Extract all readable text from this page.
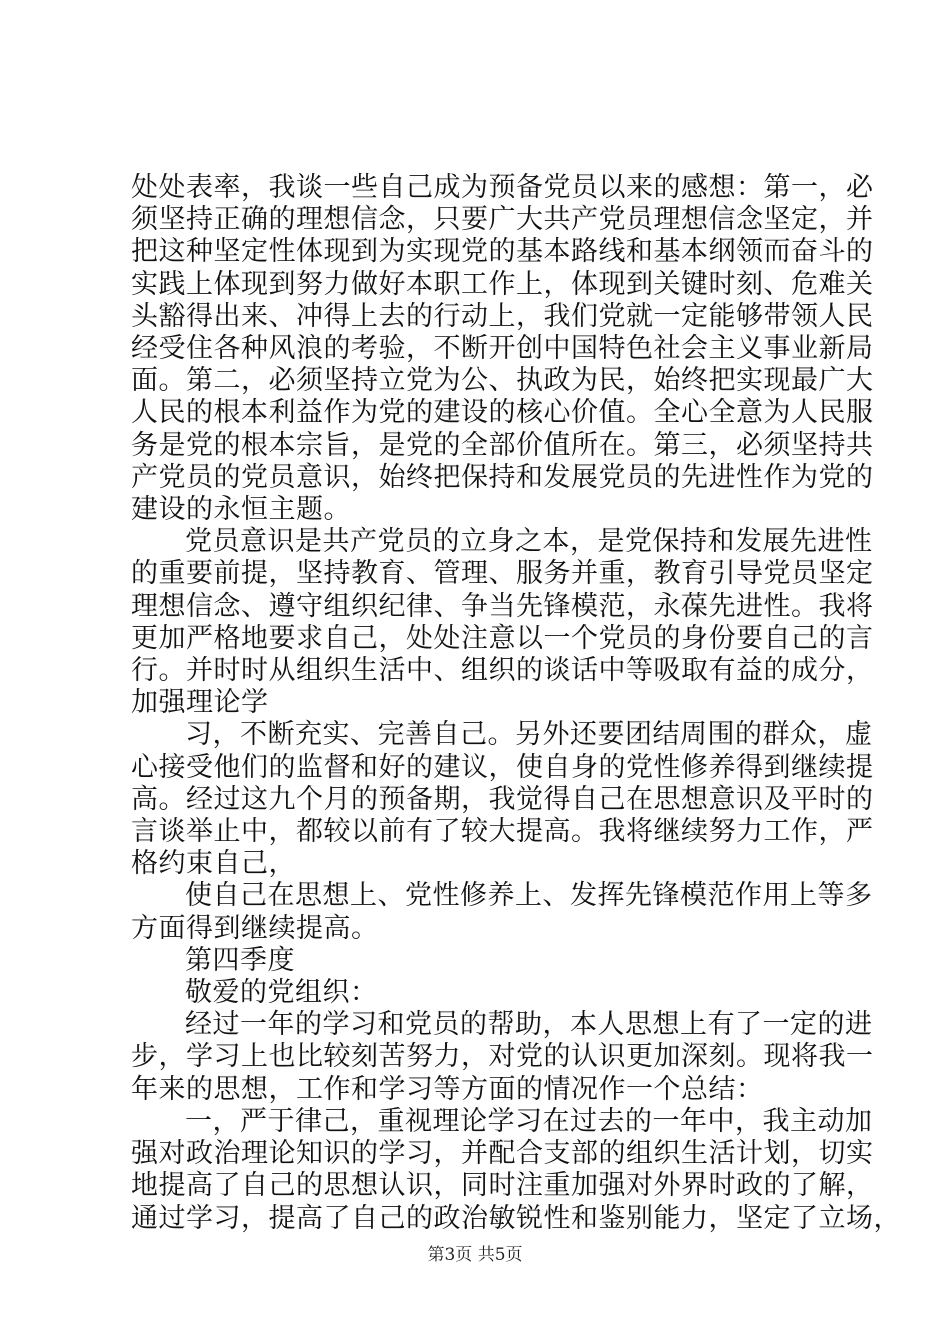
处处表率，我谈一些自己成为预备党员以来的感想：第一，必
须坚持正确的理想信念，只要广大共产党员理想信念坚定，并
把这种坚定性体现到为实现党的基本路线和基本纲领而奋斗的
实践上体现到努力做好本职工作上，体现到关键时刻、危难关
头豁得出来、冲得上去的行动上，我们党就一定能够带领人民
经受住各种风浪的考验，不断开创中国特色社会主义事业新局
面。第二，必须坚持立党为公、执政为民，始终把实现最广大
人民的根本利益作为党的建设的核心价值。全心全意为人民服
务是党的根本宗旨，是党的全部价值所在。第三，必须坚持共
产党员的党员意识，始终把保持和发展党员的先进性作为党的
建设的永恒主题。
党员意识是共产党员的立身之本，是党保持和发展先进性
的重要前提，坚持教育、管理、服务并重，教育引导党员坚定
理想信念、遵守组织纪律、争当先锋模范，永葆先进性。我将
更加严格地要求自己，处处注意以一个党员的身份要自己的言
行。并时时从组织生活中、组织的谈话中等吸取有益的成分，
加强理论学
习，不断充实、完善自己。另外还要团结周围的群众，虚
心接受他们的监督和好的建议，使自身的党性修养得到继续提
高。经过这九个月的预备期，我觉得自己在思想意识及平时的
言谈举止中，都较以前有了较大提高。我将继续努力工作，严
格约束自己，
使自己在思想上、党性修养上、发挥先锋模范作用上等多
方面得到继续提高。
第四季度
敬爱的党组织：
经过一年的学习和党员的帮助，本人思想上有了一定的进
步，学习上也比较刻苦努力，对党的认识更加深刻。现将我一
年来的思想，工作和学习等方面的情况作一个总结：
一，严于律己，重视理论学习在过去的一年中，我主动加
强对政治理论知识的学习，并配合支部的组织生活计划，切实
地提高了自己的思想认识，同时注重加强对外界时政的了解，
通过学习，提高了自己的政治敏锐性和鉴别能力，坚定了立场，
第3页 共5页
